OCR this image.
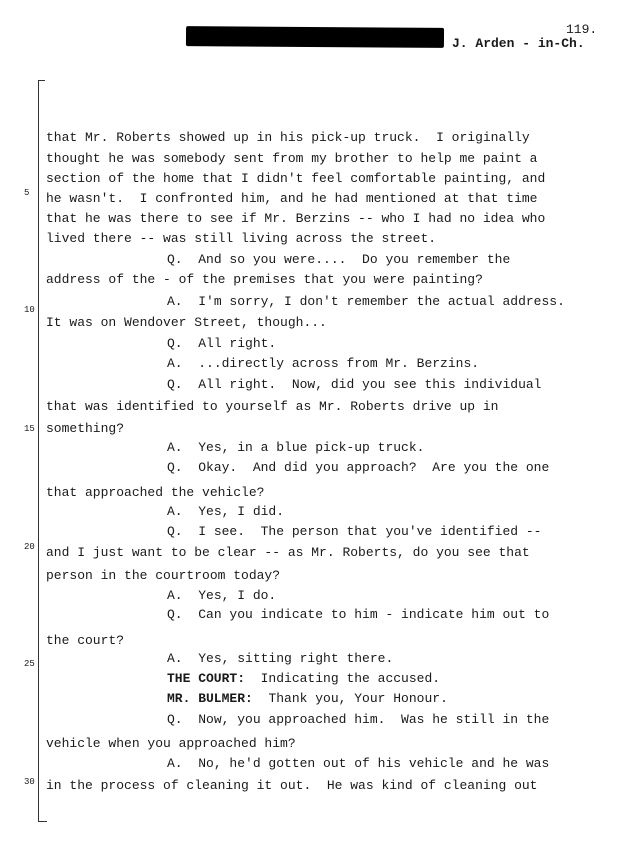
J. Arden - in-Ch.
119.
5
10
15
20
25
30
that Mr. Roberts showed up in his pick-up truck.  I originally
thought he was somebody sent from my brother to help me paint a
section of the home that I didn't feel comfortable painting, and
he wasn't.  I confronted him, and he had mentioned at that time
that he was there to see if Mr. Berzins -- who I had no idea who
lived there -- was still living across the street.
Q. And so you were....  Do you remember the
address of the - of the premises that you were painting?
A. I'm sorry, I don't remember the actual address.
It was on Wendover Street, though...
Q. All right.
A. ...directly across from Mr. Berzins.
Q. All right.  Now, did you see this individual
that was identified to yourself as Mr. Roberts drive up in
something?
A. Yes, in a blue pick-up truck.
Q. Okay.  And did you approach?  Are you the one
that approached the vehicle?
A. Yes, I did.
Q. I see.  The person that you've identified --
and I just want to be clear -- as Mr. Roberts, do you see that
person in the courtroom today?
A. Yes, I do.
Q. Can you indicate to him - indicate him out to
the court?
A. Yes, sitting right there.
THE COURT: Indicating the accused.
MR. BULMER: Thank you, Your Honour.
Q. Now, you approached him.  Was he still in the
vehicle when you approached him?
A. No, he'd gotten out of his vehicle and he was
in the process of cleaning it out.  He was kind of cleaning out
